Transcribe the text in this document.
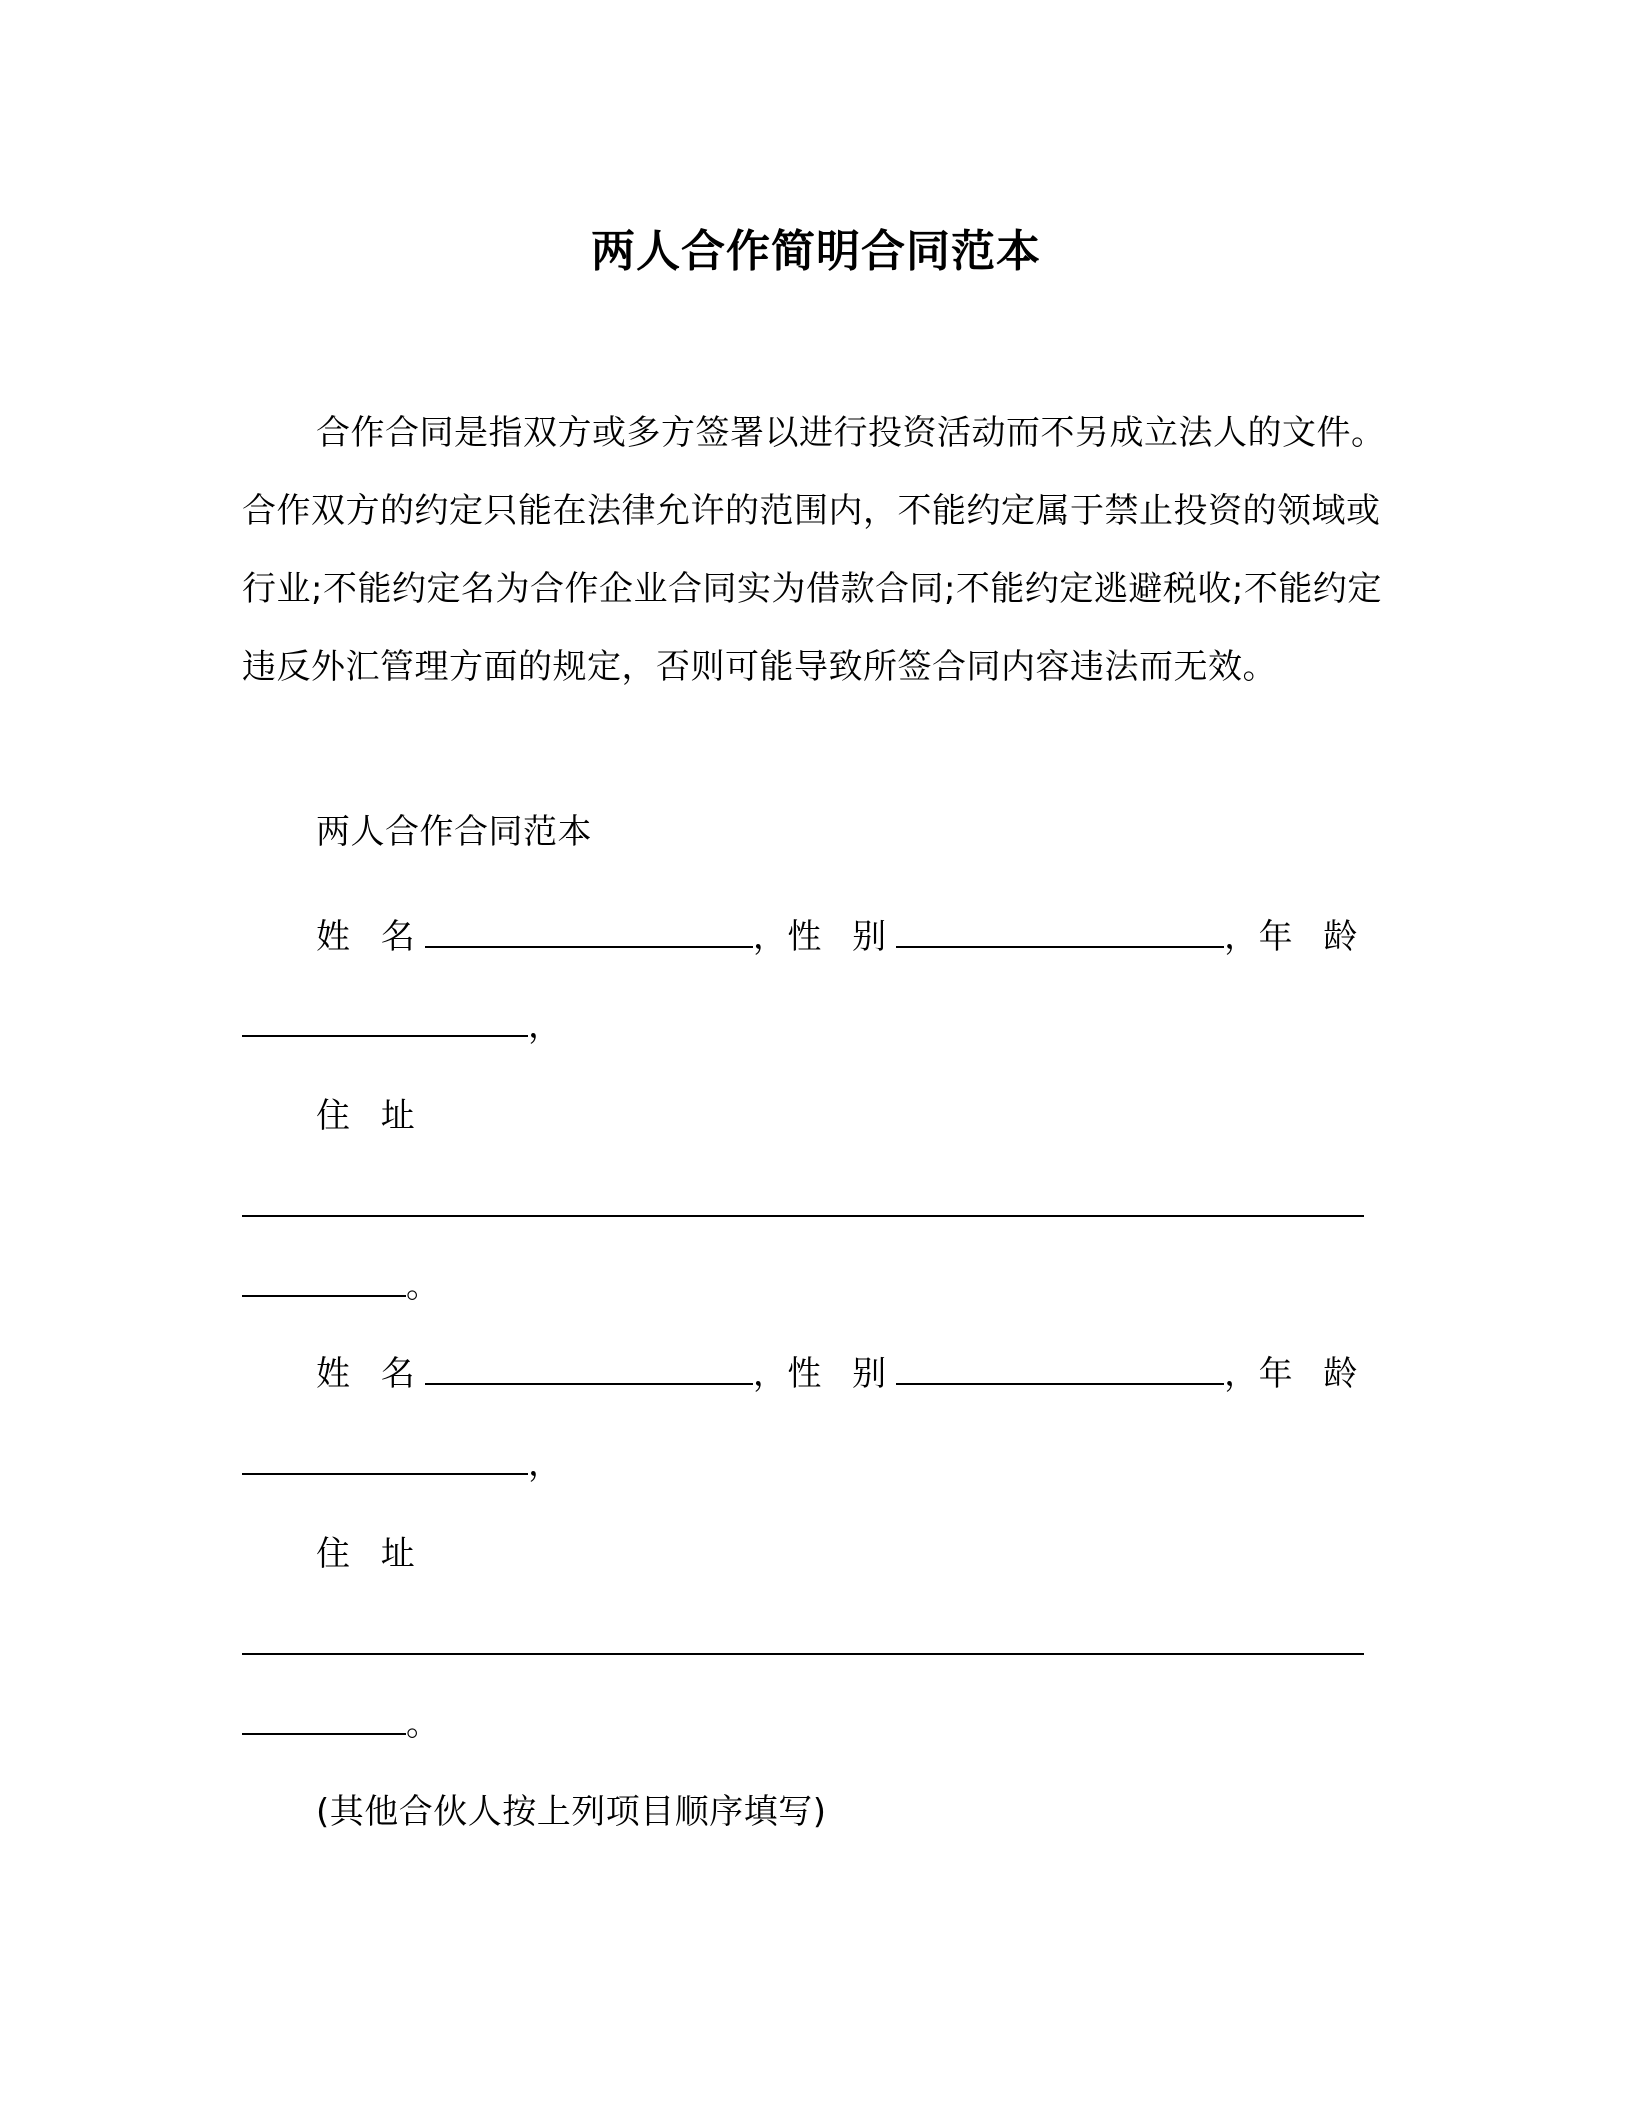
两人合作简明合同范本

合作合同是指双方或多方签署以进行投资活动而不另成立法人的文件。合作双方的约定只能在法律允许的范围内，不能约定属于禁止投资的领域或行业;不能约定名为合作企业合同实为借款合同;不能约定逃避税收;不能约定违反外汇管理方面的规定，否则可能导致所签合同内容违法而无效。

两人合作合同范本
姓 名	，性 别	，年 龄
，
住 址
。
姓 名	，性 别	，年 龄
，
住 址
。
(其他合伙人按上列项目顺序填写)
